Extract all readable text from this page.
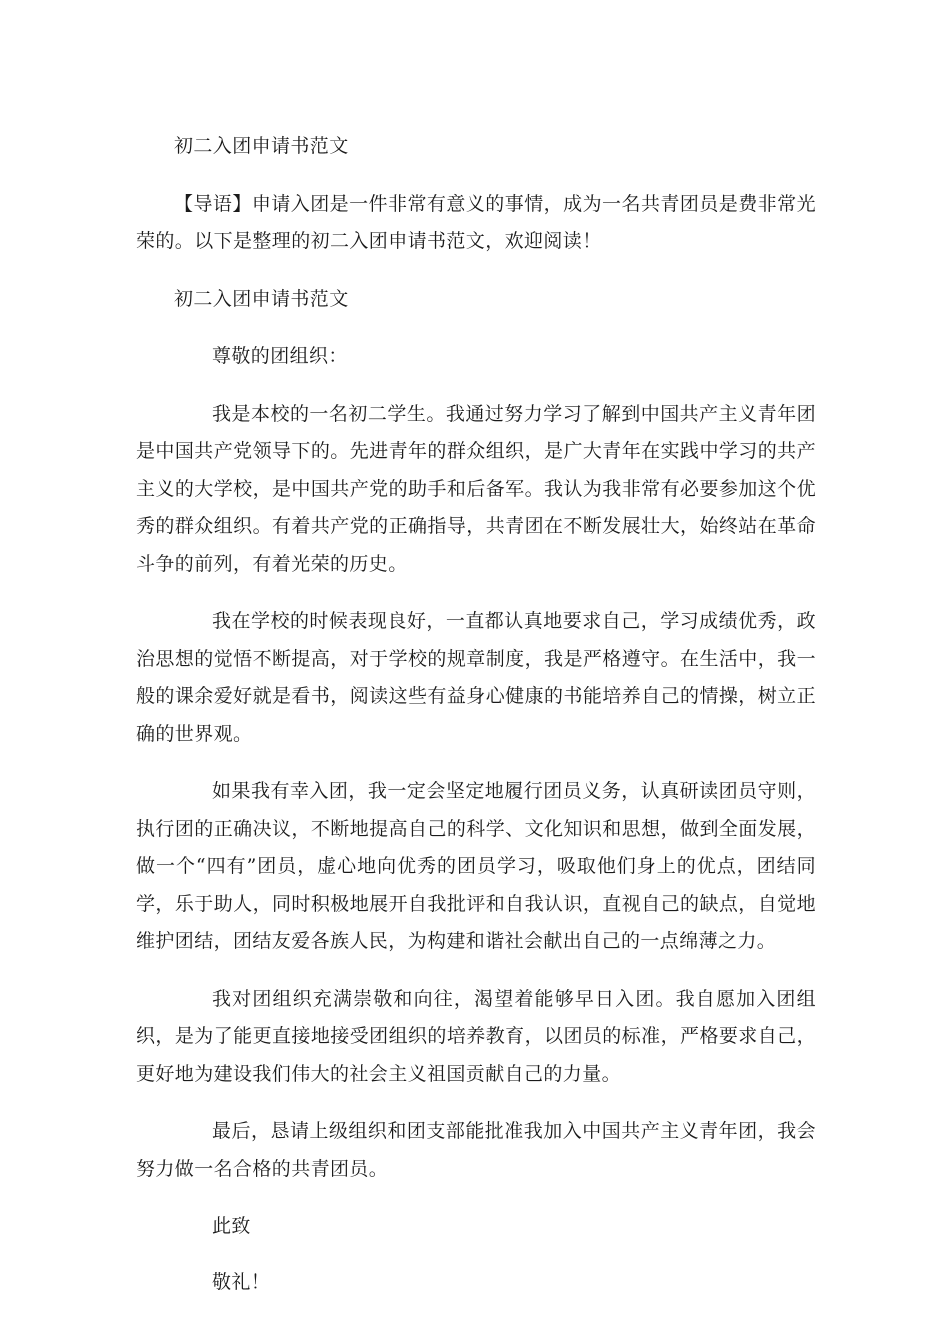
初二入团申请书范文

【导语】申请入团是一件非常有意义的事情，成为一名共青团员是费非常光荣的。以下是整理的初二入团申请书范文，欢迎阅读！

初二入团申请书范文

尊敬的团组织：

我是本校的一名初二学生。我通过努力学习了解到中国共产主义青年团是中国共产党领导下的。先进青年的群众组织，是广大青年在实践中学习的共产主义的大学校，是中国共产党的助手和后备军。我认为我非常有必要参加这个优秀的群众组织。有着共产党的正确指导，共青团在不断发展壮大，始终站在革命斗争的前列，有着光荣的历史。

我在学校的时候表现良好，一直都认真地要求自己，学习成绩优秀，政治思想的觉悟不断提高，对于学校的规章制度，我是严格遵守。在生活中，我一般的课余爱好就是看书，阅读这些有益身心健康的书能培养自己的情操，树立正确的世界观。

如果我有幸入团，我一定会坚定地履行团员义务，认真研读团员守则，执行团的正确决议，不断地提高自己的科学、文化知识和思想，做到全面发展，做一个“四有”团员，虚心地向优秀的团员学习，吸取他们身上的优点，团结同学，乐于助人，同时积极地展开自我批评和自我认识，直视自己的缺点，自觉地维护团结，团结友爱各族人民，为构建和谐社会献出自己的一点绵薄之力。

我对团组织充满崇敬和向往，渴望着能够早日入团。我自愿加入团组织，是为了能更直接地接受团组织的培养教育，以团员的标准，严格要求自己，更好地为建设我们伟大的社会主义祖国贡献自己的力量。

最后，恳请上级组织和团支部能批准我加入中国共产主义青年团，我会努力做一名合格的共青团员。

此致

敬礼！
